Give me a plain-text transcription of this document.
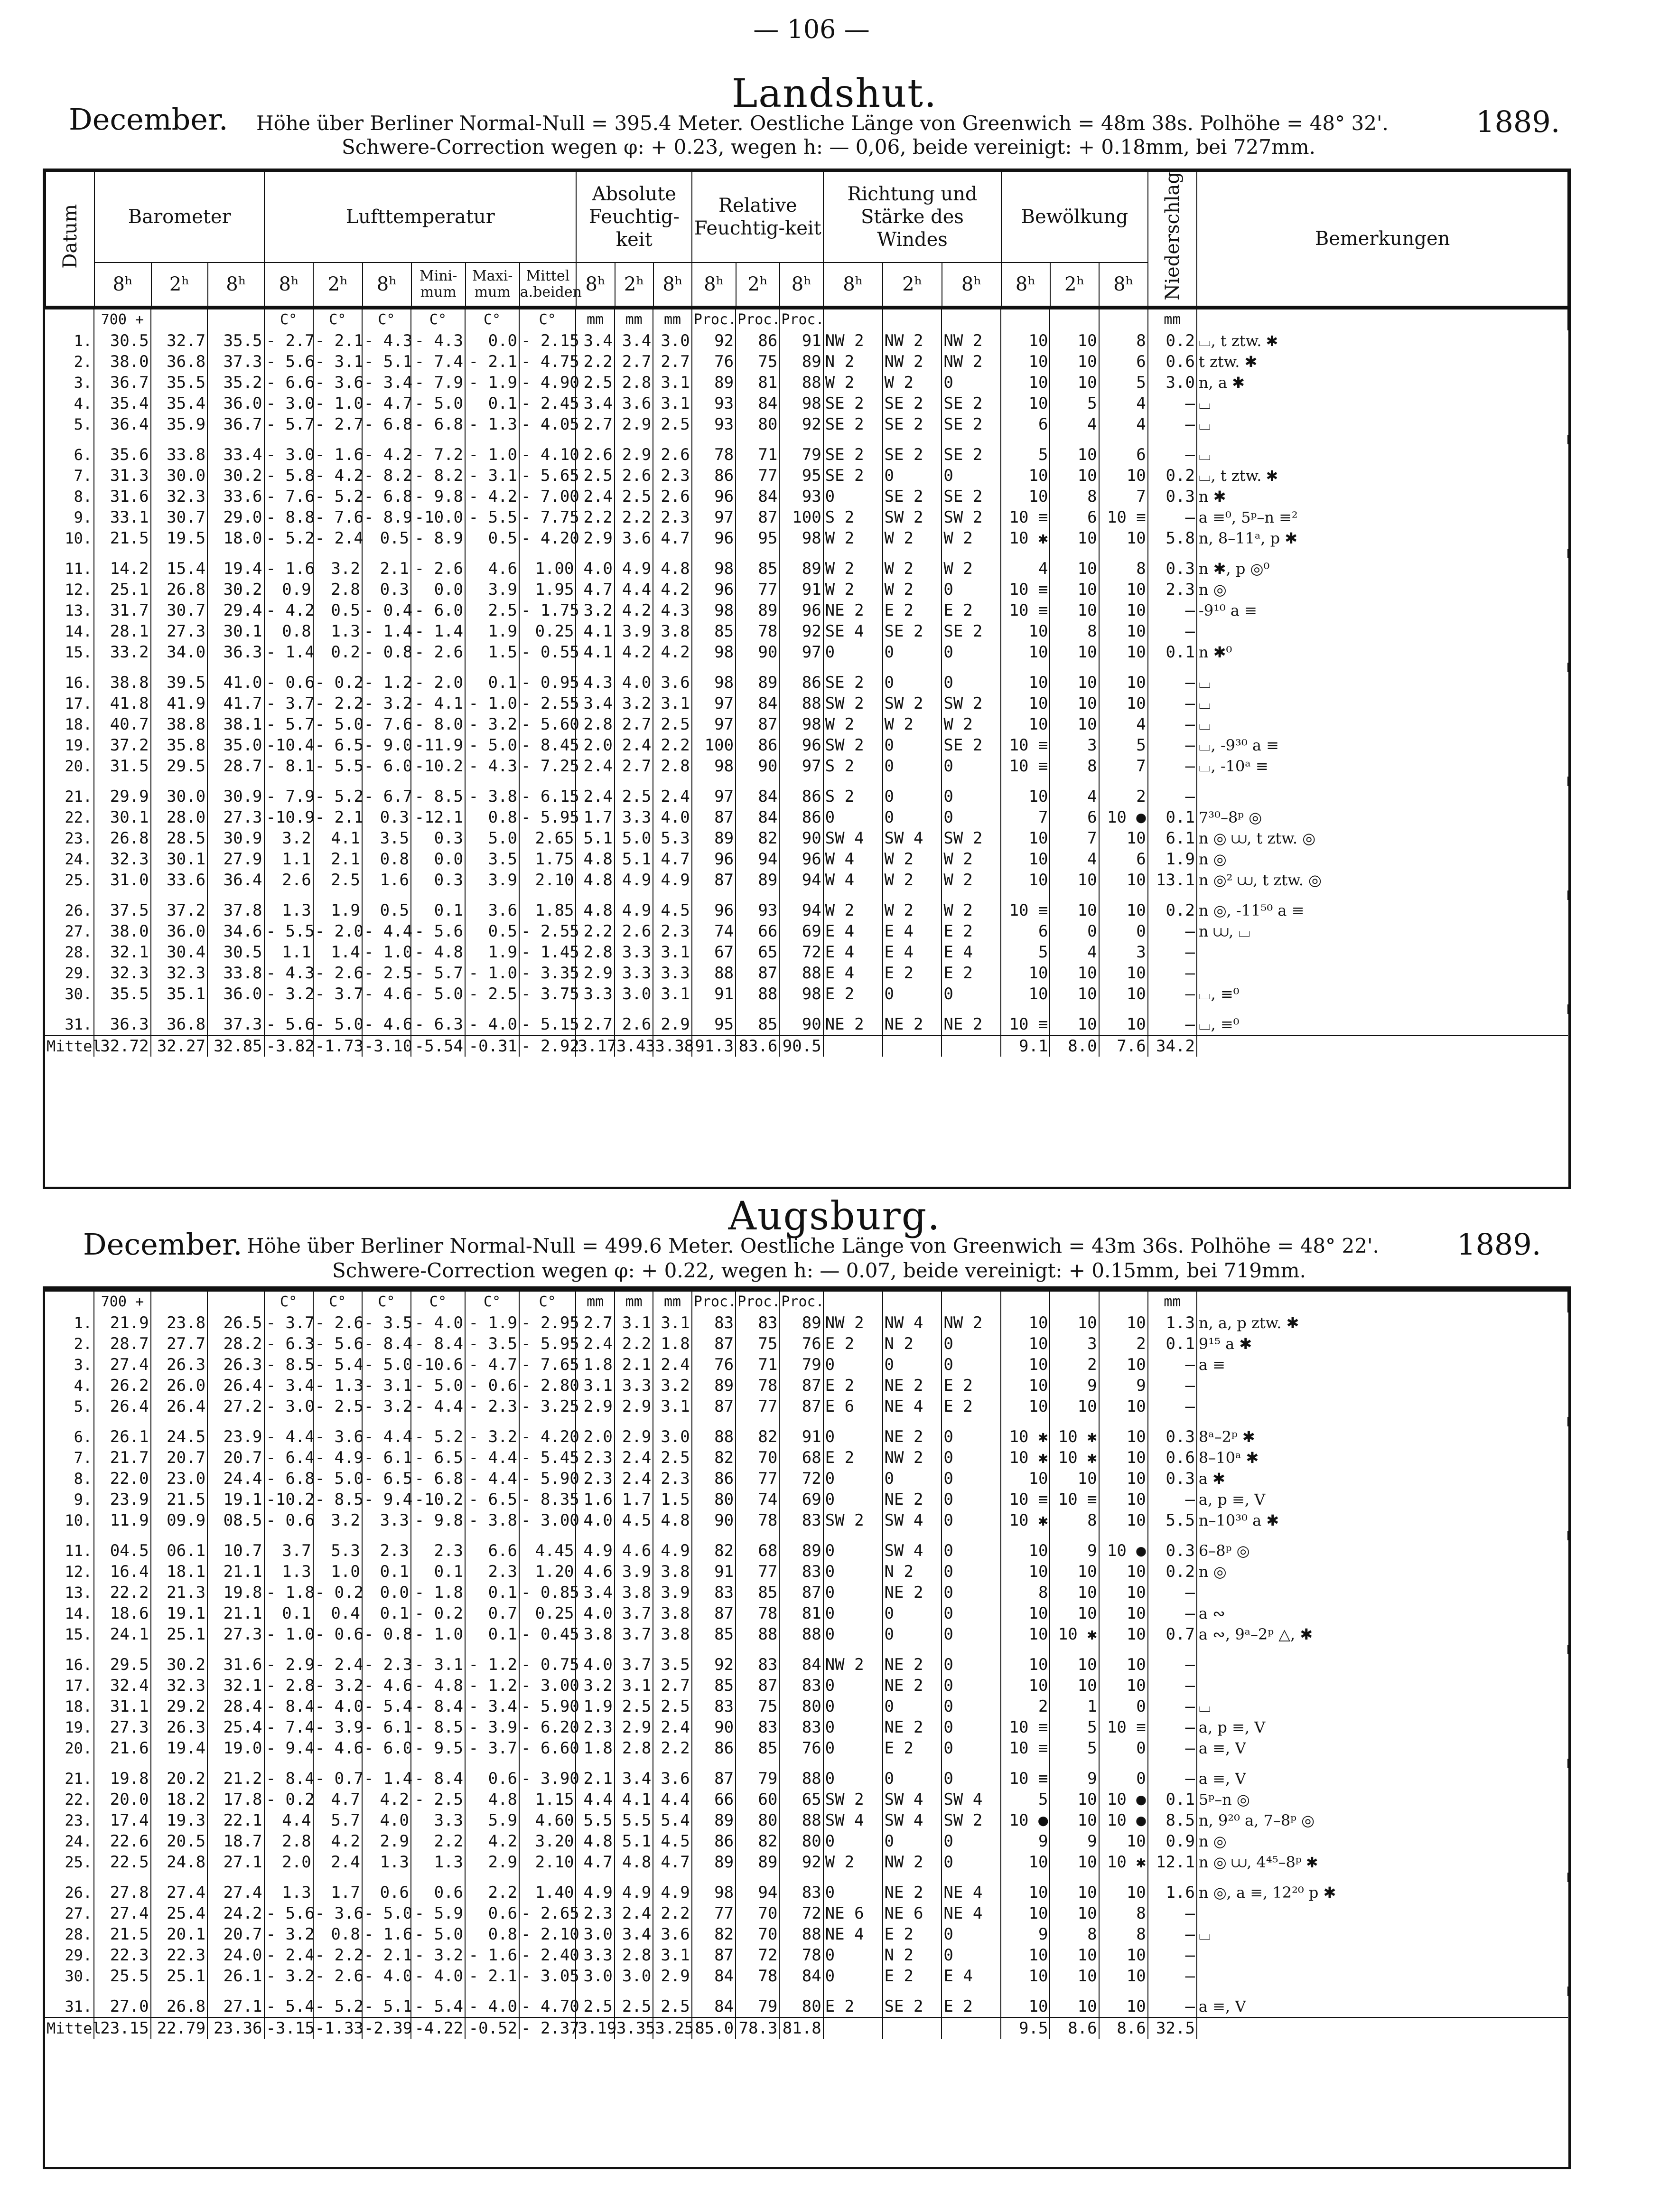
— 106 —
Landshut.
December.	1889.
Höhe über Berliner Normal-Null = 395.4 Meter. Oestliche Länge von Greenwich = 48m 38s. Polhöhe = 48° 32'.
Schwere-Correction wegen φ: + 0.23, wegen h: — 0,06, beide vereinigt: + 0.18mm, bei 727mm.
Datum	Barometer			Lufttemperatur						Absolute Feuchtig-keit			Relative Feuchtig-keit			Richtung und Stärke des Windes			Bewölkung			Niederschlag	Bemerkungen
	8ʰ	2ʰ	8ʰ	8ʰ	2ʰ	8ʰ	Mini-mum	Maxi-mum	Mittel a.beiden	8ʰ	2ʰ	8ʰ	8ʰ	2ʰ	8ʰ	8ʰ	2ʰ	8ʰ	8ʰ	2ʰ	8ʰ		
	700 +			C°	C°	C°	C°	C°	C°	mm	mm	mm	Proc.	Proc.	Proc.							mm	
1.	30.5	32.7	35.5	- 2.7	- 2.1	- 4.3	- 4.3	0.0	- 2.15	3.4	3.4	3.0	92	86	91	NW 2	NW 2	NW 2	10	10	8	0.2	⌴, t ztw. ✱
2.	38.0	36.8	37.3	- 5.6	- 3.1	- 5.1	- 7.4	- 2.1	- 4.75	2.2	2.7	2.7	76	75	89	N 2	NW 2	NW 2	10	10	6	0.6	t ztw. ✱
3.	36.7	35.5	35.2	- 6.6	- 3.6	- 3.4	- 7.9	- 1.9	- 4.90	2.5	2.8	3.1	89	81	88	W 2	W 2	0	10	10	5	3.0	n, a ✱
4.	35.4	35.4	36.0	- 3.0	- 1.0	- 4.7	- 5.0	0.1	- 2.45	3.4	3.6	3.1	93	84	98	SE 2	SE 2	SE 2	10	5	4	—	⌴
5.	36.4	35.9	36.7	- 5.7	- 2.7	- 6.8	- 6.8	- 1.3	- 4.05	2.7	2.9	2.5	93	80	92	SE 2	SE 2	SE 2	6	4	4	—	⌴

6.	35.6	33.8	33.4	- 3.0	- 1.6	- 4.2	- 7.2	- 1.0	- 4.10	2.6	2.9	2.6	78	71	79	SE 2	SE 2	SE 2	5	10	6	—	⌴
7.	31.3	30.0	30.2	- 5.8	- 4.2	- 8.2	- 8.2	- 3.1	- 5.65	2.5	2.6	2.3	86	77	95	SE 2	0	0	10	10	10	0.2	⌴, t ztw. ✱
8.	31.6	32.3	33.6	- 7.6	- 5.2	- 6.8	- 9.8	- 4.2	- 7.00	2.4	2.5	2.6	96	84	93	0	SE 2	SE 2	10	8	7	0.3	n ✱
9.	33.1	30.7	29.0	- 8.8	- 7.6	- 8.9	-10.0	- 5.5	- 7.75	2.2	2.2	2.3	97	87	100	S 2	SW 2	SW 2	10 ≡	6	10 ≡	—	a ≡⁰, 5ᵖ–n ≡²
10.	21.5	19.5	18.0	- 5.2	- 2.4	0.5	- 8.9	0.5	- 4.20	2.9	3.6	4.7	96	95	98	W 2	W 2	W 2	10 ✱	10	10	5.8	n, 8–11ᵃ, p ✱

11.	14.2	15.4	19.4	- 1.6	3.2	2.1	- 2.6	4.6	1.00	4.0	4.9	4.8	98	85	89	W 2	W 2	W 2	4	10	8	0.3	n ✱, p ◎⁰
12.	25.1	26.8	30.2	0.9	2.8	0.3	0.0	3.9	1.95	4.7	4.4	4.2	96	77	91	W 2	W 2	0	10 ≡	10	10	2.3	n ◎
13.	31.7	30.7	29.4	- 4.2	0.5	- 0.4	- 6.0	2.5	- 1.75	3.2	4.2	4.3	98	89	96	NE 2	E 2	E 2	10 ≡	10	10	—	-9¹⁰ a ≡
14.	28.1	27.3	30.1	0.8	1.3	- 1.4	- 1.4	1.9	0.25	4.1	3.9	3.8	85	78	92	SE 4	SE 2	SE 2	10	8	10	—	
15.	33.2	34.0	36.3	- 1.4	0.2	- 0.8	- 2.6	1.5	- 0.55	4.1	4.2	4.2	98	90	97	0	0	0	10	10	10	0.1	n ✱⁰

16.	38.8	39.5	41.0	- 0.6	- 0.2	- 1.2	- 2.0	0.1	- 0.95	4.3	4.0	3.6	98	89	86	SE 2	0	0	10	10	10	—	⌴
17.	41.8	41.9	41.7	- 3.7	- 2.2	- 3.2	- 4.1	- 1.0	- 2.55	3.4	3.2	3.1	97	84	88	SW 2	SW 2	SW 2	10	10	10	—	⌴
18.	40.7	38.8	38.1	- 5.7	- 5.0	- 7.6	- 8.0	- 3.2	- 5.60	2.8	2.7	2.5	97	87	98	W 2	W 2	W 2	10	10	4	—	⌴
19.	37.2	35.8	35.0	-10.4	- 6.5	- 9.0	-11.9	- 5.0	- 8.45	2.0	2.4	2.2	100	86	96	SW 2	0	SE 2	10 ≡	3	5	—	⌴, -9³⁰ a ≡
20.	31.5	29.5	28.7	- 8.1	- 5.5	- 6.0	-10.2	- 4.3	- 7.25	2.4	2.7	2.8	98	90	97	S 2	0	0	10 ≡	8	7	—	⌴, -10ᵃ ≡

21.	29.9	30.0	30.9	- 7.9	- 5.2	- 6.7	- 8.5	- 3.8	- 6.15	2.4	2.5	2.4	97	84	86	S 2	0	0	10	4	2	—	
22.	30.1	28.0	27.3	-10.9	- 2.1	0.3	-12.1	0.8	- 5.95	1.7	3.3	4.0	87	84	86	0	0	0	7	6	10 ●	0.1	7³⁰–8ᵖ ◎
23.	26.8	28.5	30.9	3.2	4.1	3.5	0.3	5.0	2.65	5.1	5.0	5.3	89	82	90	SW 4	SW 4	SW 2	10	7	10	6.1	n ◎ ⩊, t ztw. ◎
24.	32.3	30.1	27.9	1.1	2.1	0.8	0.0	3.5	1.75	4.8	5.1	4.7	96	94	96	W 4	W 2	W 2	10	4	6	1.9	n ◎
25.	31.0	33.6	36.4	2.6	2.5	1.6	0.3	3.9	2.10	4.8	4.9	4.9	87	89	94	W 4	W 2	W 2	10	10	10	13.1	n ◎² ⩊, t ztw. ◎

26.	37.5	37.2	37.8	1.3	1.9	0.5	0.1	3.6	1.85	4.8	4.9	4.5	96	93	94	W 2	W 2	W 2	10 ≡	10	10	0.2	n ◎, -11⁵⁰ a ≡
27.	38.0	36.0	34.6	- 5.5	- 2.0	- 4.4	- 5.6	0.5	- 2.55	2.2	2.6	2.3	74	66	69	E 4	E 4	E 2	6	0	0	—	n ⩊, ⌴
28.	32.1	30.4	30.5	1.1	1.4	- 1.0	- 4.8	1.9	- 1.45	2.8	3.3	3.1	67	65	72	E 4	E 4	E 4	5	4	3	—	
29.	32.3	32.3	33.8	- 4.3	- 2.6	- 2.5	- 5.7	- 1.0	- 3.35	2.9	3.3	3.3	88	87	88	E 4	E 2	E 2	10	10	10	—	
30.	35.5	35.1	36.0	- 3.2	- 3.7	- 4.6	- 5.0	- 2.5	- 3.75	3.3	3.0	3.1	91	88	98	E 2	0	0	10	10	10	—	⌴, ≡⁰

31.	36.3	36.8	37.3	- 5.6	- 5.0	- 4.6	- 6.3	- 4.0	- 5.15	2.7	2.6	2.9	95	85	90	NE 2	NE 2	NE 2	10 ≡	10	10	—	⌴, ≡⁰
Mittel	32.72	32.27	32.85	-3.82	-1.73	-3.10	-5.54	-0.31	- 2.92	3.17	3.43	3.38	91.3	83.6	90.5				9.1	8.0	7.6	34.2	
Augsburg.
December.	1889.
Höhe über Berliner Normal-Null = 499.6 Meter. Oestliche Länge von Greenwich = 43m 36s. Polhöhe = 48° 22'.
Schwere-Correction wegen φ: + 0.22, wegen h: — 0.07, beide vereinigt: + 0.15mm, bei 719mm.
	700 +			C°	C°	C°	C°	C°	C°	mm	mm	mm	Proc.	Proc.	Proc.							mm	
1.	21.9	23.8	26.5	- 3.7	- 2.6	- 3.5	- 4.0	- 1.9	- 2.95	2.7	3.1	3.1	83	83	89	NW 2	NW 4	NW 2	10	10	10	1.3	n, a, p ztw. ✱
2.	28.7	27.7	28.2	- 6.3	- 5.6	- 8.4	- 8.4	- 3.5	- 5.95	2.4	2.2	1.8	87	75	76	E 2	N 2	0	10	3	2	0.1	9¹⁵ a ✱
3.	27.4	26.3	26.3	- 8.5	- 5.4	- 5.0	-10.6	- 4.7	- 7.65	1.8	2.1	2.4	76	71	79	0	0	0	10	2	10	—	a ≡
4.	26.2	26.0	26.4	- 3.4	- 1.3	- 3.1	- 5.0	- 0.6	- 2.80	3.1	3.3	3.2	89	78	87	E 2	NE 2	E 2	10	9	9	—	
5.	26.4	26.4	27.2	- 3.0	- 2.5	- 3.2	- 4.4	- 2.3	- 3.25	2.9	2.9	3.1	87	77	87	E 6	NE 4	E 2	10	10	10	—	

6.	26.1	24.5	23.9	- 4.4	- 3.6	- 4.4	- 5.2	- 3.2	- 4.20	2.0	2.9	3.0	88	82	91	0	NE 2	0	10 ✱	10 ✱	10	0.3	8ᵃ–2ᵖ ✱
7.	21.7	20.7	20.7	- 6.4	- 4.9	- 6.1	- 6.5	- 4.4	- 5.45	2.3	2.4	2.5	82	70	68	E 2	NW 2	0	10 ✱	10 ✱	10	0.6	8–10ᵃ ✱
8.	22.0	23.0	24.4	- 6.8	- 5.0	- 6.5	- 6.8	- 4.4	- 5.90	2.3	2.4	2.3	86	77	72	0	0	0	10	10	10	0.3	a ✱
9.	23.9	21.5	19.1	-10.2	- 8.5	- 9.4	-10.2	- 6.5	- 8.35	1.6	1.7	1.5	80	74	69	0	NE 2	0	10 ≡	10 ≡	10	—	a, p ≡, V
10.	11.9	09.9	08.5	- 0.6	3.2	3.3	- 9.8	- 3.8	- 3.00	4.0	4.5	4.8	90	78	83	SW 2	SW 4	0	10 ✱	8	10	5.5	n–10³⁰ a ✱

11.	04.5	06.1	10.7	3.7	5.3	2.3	2.3	6.6	4.45	4.9	4.6	4.9	82	68	89	0	SW 4	0	10	9	10 ●	0.3	6–8ᵖ ◎
12.	16.4	18.1	21.1	1.3	1.0	0.1	0.1	2.3	1.20	4.6	3.9	3.8	91	77	83	0	N 2	0	10	10	10	0.2	n ◎
13.	22.2	21.3	19.8	- 1.8	- 0.2	0.0	- 1.8	0.1	- 0.85	3.4	3.8	3.9	83	85	87	0	NE 2	0	8	10	10	—	
14.	18.6	19.1	21.1	0.1	0.4	0.1	- 0.2	0.7	0.25	4.0	3.7	3.8	87	78	81	0	0	0	10	10	10	—	a ∾
15.	24.1	25.1	27.3	- 1.0	- 0.6	- 0.8	- 1.0	0.1	- 0.45	3.8	3.7	3.8	85	88	88	0	0	0	10	10 ✱	10	0.7	a ∾, 9ᵃ–2ᵖ △, ✱

16.	29.5	30.2	31.6	- 2.9	- 2.4	- 2.3	- 3.1	- 1.2	- 0.75	4.0	3.7	3.5	92	83	84	NW 2	NE 2	0	10	10	10	—	
17.	32.4	32.3	32.1	- 2.8	- 3.2	- 4.6	- 4.8	- 1.2	- 3.00	3.2	3.1	2.7	85	87	83	0	NE 2	0	10	10	10	—	
18.	31.1	29.2	28.4	- 8.4	- 4.0	- 5.4	- 8.4	- 3.4	- 5.90	1.9	2.5	2.5	83	75	80	0	0	0	2	1	0	—	⌴
19.	27.3	26.3	25.4	- 7.4	- 3.9	- 6.1	- 8.5	- 3.9	- 6.20	2.3	2.9	2.4	90	83	83	0	NE 2	0	10 ≡	5	10 ≡	—	a, p ≡, V
20.	21.6	19.4	19.0	- 9.4	- 4.6	- 6.0	- 9.5	- 3.7	- 6.60	1.8	2.8	2.2	86	85	76	0	E 2	0	10 ≡	5	0	—	a ≡, V

21.	19.8	20.2	21.2	- 8.4	- 0.7	- 1.4	- 8.4	0.6	- 3.90	2.1	3.4	3.6	87	79	88	0	0	0	10 ≡	9	0	—	a ≡, V
22.	20.0	18.2	17.8	- 0.2	4.7	4.2	- 2.5	4.8	1.15	4.4	4.1	4.4	66	60	65	SW 2	SW 4	SW 4	5	10	10 ●	0.1	5ᵖ–n ◎
23.	17.4	19.3	22.1	4.4	5.7	4.0	3.3	5.9	4.60	5.5	5.5	5.4	89	80	88	SW 4	SW 4	SW 2	10 ●	10	10 ●	8.5	n, 9²⁰ a, 7–8ᵖ ◎
24.	22.6	20.5	18.7	2.8	4.2	2.9	2.2	4.2	3.20	4.8	5.1	4.5	86	82	80	0	0	0	9	9	10	0.9	n ◎
25.	22.5	24.8	27.1	2.0	2.4	1.3	1.3	2.9	2.10	4.7	4.8	4.7	89	89	92	W 2	NW 2	0	10	10	10 ✱	12.1	n ◎ ⩊, 4⁴⁵–8ᵖ ✱

26.	27.8	27.4	27.4	1.3	1.7	0.6	0.6	2.2	1.40	4.9	4.9	4.9	98	94	83	0	NE 2	NE 4	10	10	10	1.6	n ◎, a ≡, 12²⁰ p ✱
27.	27.4	25.4	24.2	- 5.6	- 3.6	- 5.0	- 5.9	0.6	- 2.65	2.3	2.4	2.2	77	70	72	NE 6	NE 6	NE 4	10	10	8	—	
28.	21.5	20.1	20.7	- 3.2	0.8	- 1.6	- 5.0	0.8	- 2.10	3.0	3.4	3.6	82	70	88	NE 4	E 2	0	9	8	8	—	⌴
29.	22.3	22.3	24.0	- 2.4	- 2.2	- 2.1	- 3.2	- 1.6	- 2.40	3.3	2.8	3.1	87	72	78	0	N 2	0	10	10	10	—	
30.	25.5	25.1	26.1	- 3.2	- 2.6	- 4.0	- 4.0	- 2.1	- 3.05	3.0	3.0	2.9	84	78	84	0	E 2	E 4	10	10	10	—	

31.	27.0	26.8	27.1	- 5.4	- 5.2	- 5.1	- 5.4	- 4.0	- 4.70	2.5	2.5	2.5	84	79	80	E 2	SE 2	E 2	10	10	10	—	a ≡, V
Mittel	23.15	22.79	23.36	-3.15	-1.33	-2.39	-4.22	-0.52	- 2.37	3.19	3.35	3.25	85.0	78.3	81.8				9.5	8.6	8.6	32.5	
